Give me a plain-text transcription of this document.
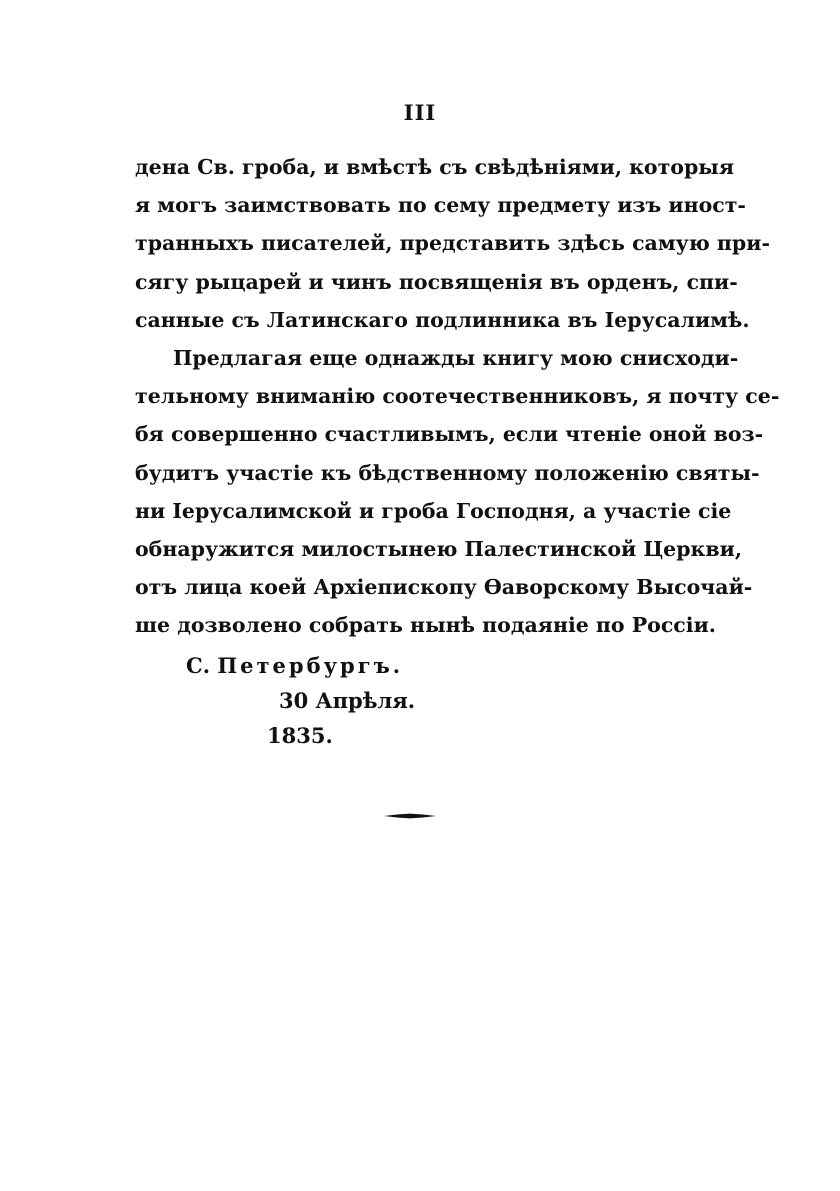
III
дена Св. гроба, и вмѣстѣ съ свѣдѣніями, которыя
я могъ заимствовать по сему предмету изъ иност-
транныхъ писателей, представить здѣсь самую при-
сягу рыцарей и чинъ посвященія въ орденъ, спи-
санные съ Латинскаго подлинника въ Іерусалимѣ.
Предлагая еще однажды книгу мою снисходи-
тельному вниманію соотечественниковъ, я почту се-
бя совершенно счастливымъ, если чтеніе оной воз-
будитъ участіе къ бѣдственному положенію святы-
ни Іерусалимской и гроба Господня, а участіе сіе
обнаружится милостынею Палестинской Церкви,
отъ лица коей Архіепископу Ѳаворскому Высочай-
ше дозволено собрать нынѣ подаяніе по Россіи.
С. Петербургъ.
30 Апрѣля.
1835.
